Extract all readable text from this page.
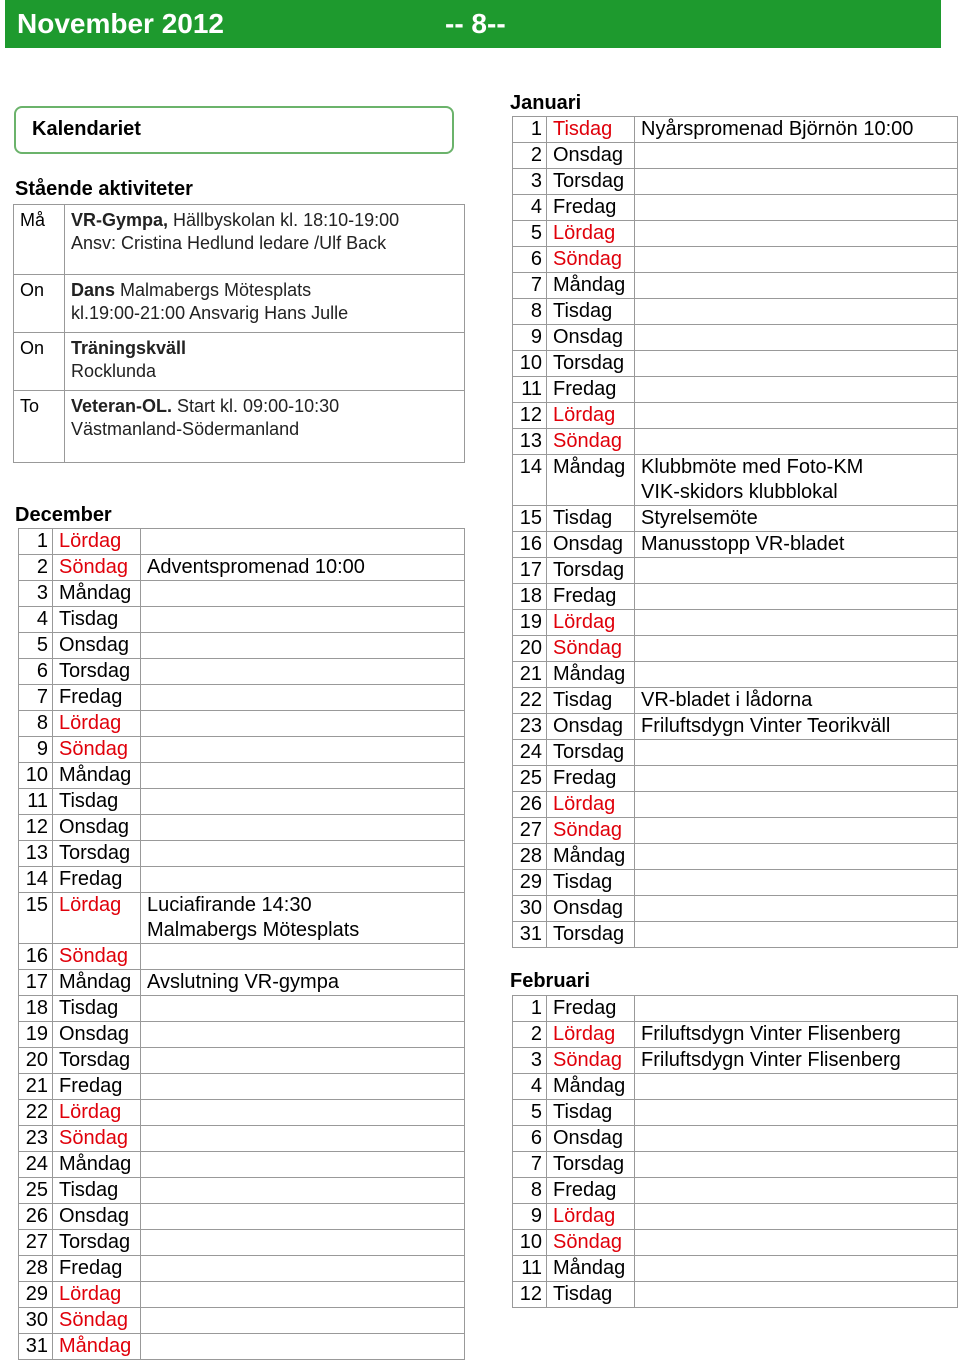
November 2012	-- 8--
Kalendariet
Stående aktiviteter
Må	VR-Gympa, Hällbyskolan kl. 18:10-19:00
Ansv: Cristina Hedlund ledare /Ulf Back
On	Dans Malmabergs Mötesplats
kl.19:00-21:00 Ansvarig Hans Julle
On	Träningskväll
Rocklunda
To	Veteran-OL. Start kl. 09:00-10:30
Västmanland-Södermanland
December
1	Lördag	
2	Söndag	Adventspromenad 10:00
3	Måndag	
4	Tisdag	
5	Onsdag	
6	Torsdag	
7	Fredag	
8	Lördag	
9	Söndag	
10	Måndag	
11	Tisdag	
12	Onsdag	
13	Torsdag	
14	Fredag	
15	Lördag	Luciafirande 14:30
Malmabergs Mötesplats
16	Söndag	
17	Måndag	Avslutning VR-gympa
18	Tisdag	
19	Onsdag	
20	Torsdag	
21	Fredag	
22	Lördag	
23	Söndag	
24	Måndag	
25	Tisdag	
26	Onsdag	
27	Torsdag	
28	Fredag	
29	Lördag	
30	Söndag	
31	Måndag	
Januari
1	Tisdag	Nyårspromenad Björnön 10:00
2	Onsdag	
3	Torsdag	
4	Fredag	
5	Lördag	
6	Söndag	
7	Måndag	
8	Tisdag	
9	Onsdag	
10	Torsdag	
11	Fredag	
12	Lördag	
13	Söndag	
14	Måndag	Klubbmöte med Foto-KM
VIK-skidors klubblokal
15	Tisdag	Styrelsemöte
16	Onsdag	Manusstopp VR-bladet
17	Torsdag	
18	Fredag	
19	Lördag	
20	Söndag	
21	Måndag	
22	Tisdag	VR-bladet i lådorna
23	Onsdag	Friluftsdygn Vinter Teorikväll
24	Torsdag	
25	Fredag	
26	Lördag	
27	Söndag	
28	Måndag	
29	Tisdag	
30	Onsdag	
31	Torsdag	
Februari
1	Fredag	
2	Lördag	Friluftsdygn Vinter Flisenberg
3	Söndag	Friluftsdygn Vinter Flisenberg
4	Måndag	
5	Tisdag	
6	Onsdag	
7	Torsdag	
8	Fredag	
9	Lördag	
10	Söndag	
11	Måndag	
12	Tisdag	
